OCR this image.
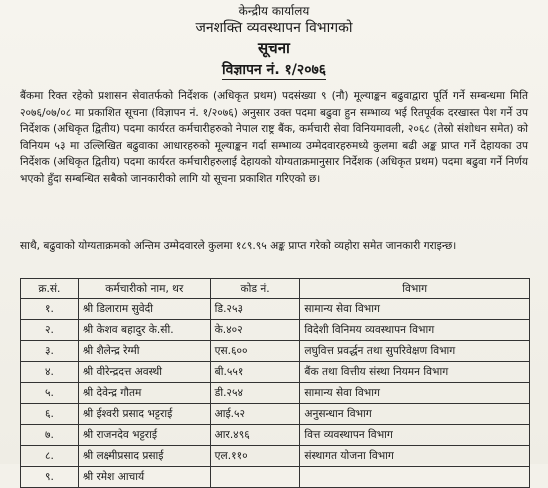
केन्द्रीय कार्यालय
जनशक्ति व्यवस्थापन विभागको
सूचना
विज्ञापन नं. १/२०७६
बैंकमा रिक्त रहेको प्रशासन सेवातर्फको निर्देशक (अधिकृत प्रथम) पदसंख्या ९ (नौ) मूल्याङ्कन बढुवाद्वारा पूर्ति गर्ने सम्बन्धमा मिति २०७६/०७/०८ मा प्रकाशित सूचना (विज्ञापन नं. १/२०७६) अनुसार उक्त पदमा बढुवा हुन सम्भाव्य भई रितपूर्वक दरखास्त पेश गर्ने उप निर्देशक (अधिकृत द्वितीय) पदमा कार्यरत कर्मचारीहरुको नेपाल राष्ट्र बैंक, कर्मचारी सेवा विनियमावली, २०६८ (तेस्रो संशोधन समेत) को विनियम ५३ मा उल्लिखित बढुवाका आधारहरुको मूल्याङ्कन गर्दा सम्भाव्य उम्मेदवारहरुमध्ये कुलमा बढी अङ्क प्राप्त गर्ने देहायका उप निर्देशक (अधिकृत द्वितीय) पदमा कार्यरत कर्मचारीहरुलाई देहायको योग्यताक्रमानुसार निर्देशक (अधिकृत प्रथम) पदमा बढुवा गर्ने निर्णय भएको हुँदा सम्बन्धित सबैको जानकारीको लागि यो सूचना प्रकाशित गरिएको छ।
साथै, बढुवाको योग्यताक्रमको अन्तिम उम्मेदवारले कुलमा १८९.९५ अङ्क प्राप्त गरेको व्यहोरा समेत जानकारी गराइन्छ।
क्र.सं.	कर्मचारीको नाम, थर	कोड नं.	विभाग
१.	श्री डिलाराम सुवेदी	डि.२५३	सामान्य सेवा विभाग
२.	श्री केशव बहादुर के.सी.	के.४०२	विदेशी विनिमय व्यवस्थापन विभाग
३.	श्री शैलेन्द्र रेग्मी	एस.६००	लघुवित्त प्रवर्द्धन तथा सुपरिवेक्षण विभाग
४.	श्री वीरेन्द्रदत्त अवस्थी	बी.५५१	बैंक तथा वित्तीय संस्था नियमन विभाग
५.	श्री देवेन्द्र गौतम	डी.२५४	सामान्य सेवा विभाग
६.	श्री ईश्वरी प्रसाद भट्टराई	आई.५२	अनुसन्धान विभाग
७.	श्री राजनदेव भट्टराई	आर.४९६	वित्त व्यवस्थापन विभाग
८.	श्री लक्ष्मीप्रसाद प्रसाई	एल.११०	संस्थागत योजना विभाग
९.	श्री रमेश आचार्य		
